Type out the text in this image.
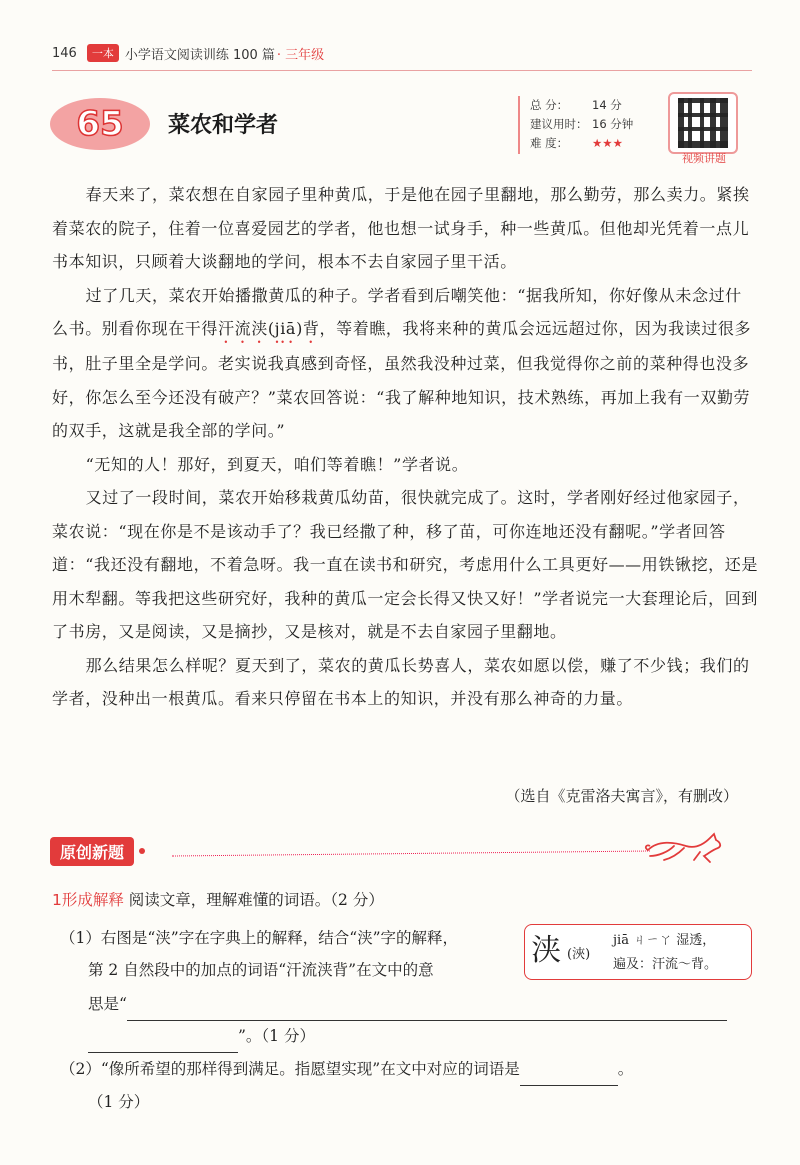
146	一本 小学语文阅读训练 100 篇 · 三年级
65 菜农和学者
总 分： 14 分
建议用时： 16 分钟
难 度： ★★★
视频讲题

春天来了，菜农想在自家园子里种黄瓜，于是他在园子里翻地，那么勤劳，那么卖力。紧挨着菜农的院子，住着一位喜爱园艺的学者，他也想一试身手，种一些黄瓜。但他却光凭着一点儿书本知识，只顾着大谈翻地的学问，根本不去自家园子里干活。

过了几天，菜农开始播撒黄瓜的种子。学者看到后嘲笑他：“据我所知，你好像从未念过什么书。别看你现在干得汗流浃(jiā)背，等着瞧，我将来种的黄瓜会远远超过你，因为我读过很多书，肚子里全是学问。老实说我真感到奇怪，虽然我没种过菜，但我觉得你之前的菜种得也没多好，你怎么至今还没有破产？”菜农回答说：“我了解种地知识，技术熟练，再加上我有一双勤劳的双手，这就是我全部的学问。”

“无知的人！那好，到夏天，咱们等着瞧！”学者说。

又过了一段时间，菜农开始移栽黄瓜幼苗，很快就完成了。这时，学者刚好经过他家园子，菜农说：“现在你是不是该动手了？我已经撒了种，移了苗，可你连地还没有翻呢。”学者回答道：“我还没有翻地，不着急呀。我一直在读书和研究，考虑用什么工具更好——用铁锹挖，还是用木犁翻。等我把这些研究好，我种的黄瓜一定会长得又快又好！”学者说完一大套理论后，回到了书房，又是阅读，又是摘抄，又是核对，就是不去自家园子里翻地。

那么结果怎么样呢？夏天到了，菜农的黄瓜长势喜人，菜农如愿以偿，赚了不少钱；我们的学者，没种出一根黄瓜。看来只停留在书本上的知识，并没有那么神奇的力量。

（选自《克雷洛夫寓言》，有删改）
原创新题
1形成解释 阅读文章，理解难懂的词语。（2 分）
（1）右图是“浃”字在字典上的解释，结合“浃”字的解释，
第 2 自然段中的加点的词语“汗流浃背”在文中的意
思是“
”。（1 分）
（2）“像所希望的那样得到满足。指愿望实现”在文中对应的词语是	。
（1 分）
浃 (浹)
jiā ㄐㄧㄚ 湿透，
遍及：汗流～背。
